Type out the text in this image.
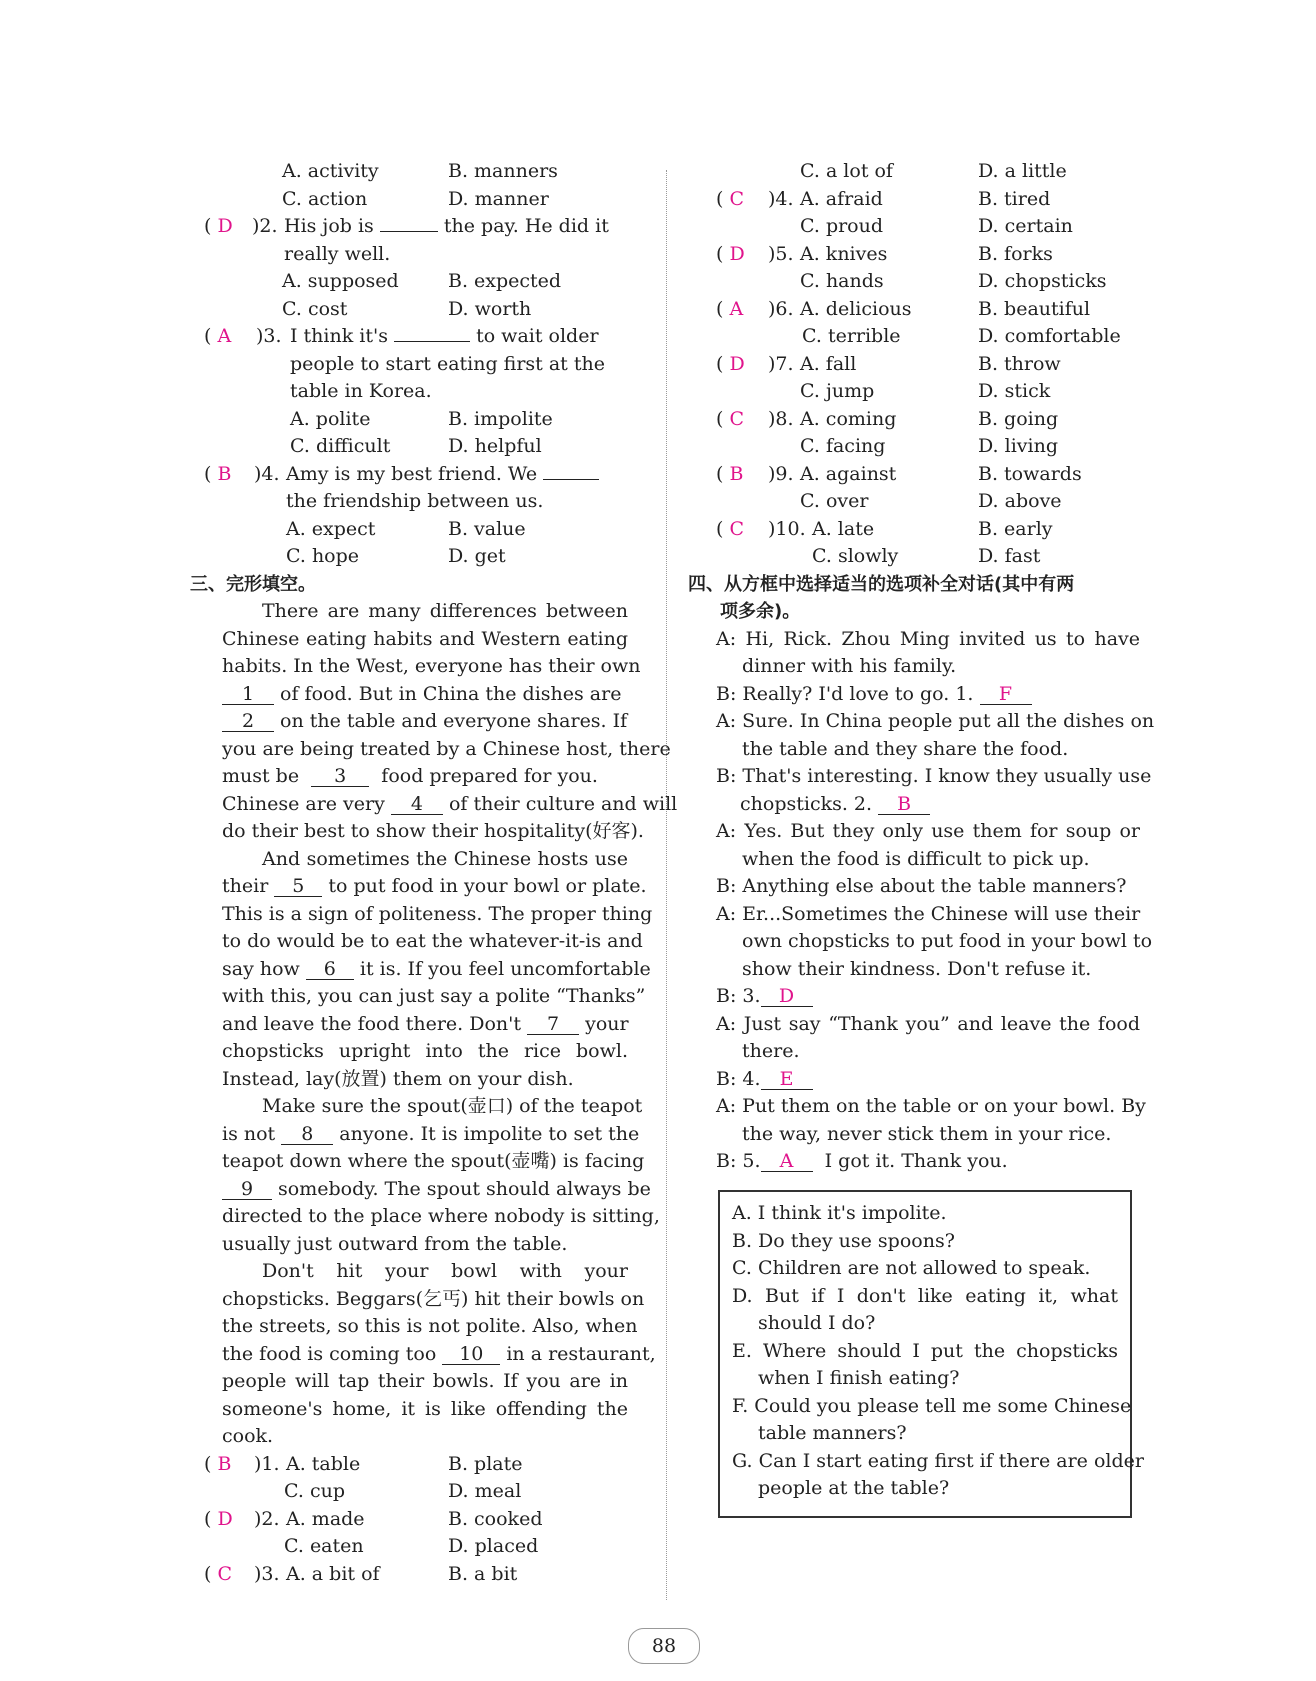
A. activity	B. manners
C. action	D. manner
( D )2. His job is	the pay. He did it
really well.
A. supposed	B. expected
C. cost	D. worth
( A )3. I think it's	to wait older
people to start eating first at the
table in Korea.
A. polite	B. impolite
C. difficult	D. helpful
( B )4. Amy is my best friend. We
the friendship between us.
A. expect	B. value
C. hope	D. get
三、完形填空。
There are many differences between
Chinese eating habits and Western eating
habits. In the West, everyone has their own
1 of food. But in China the dishes are
2 on the table and everyone shares. If
you are being treated by a Chinese host, there
must be 3 food prepared for you.
Chinese are very 4 of their culture and will
do their best to show their hospitality(好客).
And sometimes the Chinese hosts use
their 5 to put food in your bowl or plate.
This is a sign of politeness. The proper thing
to do would be to eat the whatever-it-is and
say how 6 it is. If you feel uncomfortable
with this, you can just say a polite “Thanks”
and leave the food there. Don't 7 your
chopsticks upright into the rice bowl.
Instead, lay(放置) them on your dish.
Make sure the spout(壶口) of the teapot
is not 8 anyone. It is impolite to set the
teapot down where the spout(壶嘴) is facing
9 somebody. The spout should always be
directed to the place where nobody is sitting,
usually just outward from the table.
Don't hit your bowl with your
chopsticks. Beggars(乞丐) hit their bowls on
the streets, so this is not polite. Also, when
the food is coming too 10 in a restaurant,
people will tap their bowls. If you are in
someone's home, it is like offending the
cook.
( B )1. A. table	B. plate
C. cup	D. meal
( D )2. A. made	B. cooked
C. eaten	D. placed
( C )3. A. a bit of	B. a bit
C. a lot of	D. a little
( C )4. A. afraid	B. tired
C. proud	D. certain
( D )5. A. knives	B. forks
C. hands	D. chopsticks
( A )6. A. delicious	B. beautiful
C. terrible	D. comfortable
( D )7. A. fall	B. throw
C. jump	D. stick
( C )8. A. coming	B. going
C. facing	D. living
( B )9. A. against	B. towards
C. over	D. above
( C )10. A. late	B. early
C. slowly	D. fast
四、从方框中选择适当的选项补全对话(其中有两
项多余)。
A: Hi, Rick. Zhou Ming invited us to have
dinner with his family.
B: Really? I'd love to go. 1. F
A: Sure. In China people put all the dishes on
the table and they share the food.
B: That's interesting. I know they usually use
chopsticks. 2. B
A: Yes. But they only use them for soup or
when the food is difficult to pick up.
B: Anything else about the table manners?
A: Er...Sometimes the Chinese will use their
own chopsticks to put food in your bowl to
show their kindness. Don't refuse it.
B: 3. D
A: Just say “Thank you” and leave the food
there.
B: 4. E
A: Put them on the table or on your bowl. By
the way, never stick them in your rice.
B: 5. A I got it. Thank you.
A. I think it's impolite.
B. Do they use spoons?
C. Children are not allowed to speak.
D. But if I don't like eating it, what
should I do?
E. Where should I put the chopsticks
when I finish eating?
F. Could you please tell me some Chinese
table manners?
G. Can I start eating first if there are older
people at the table?
88
